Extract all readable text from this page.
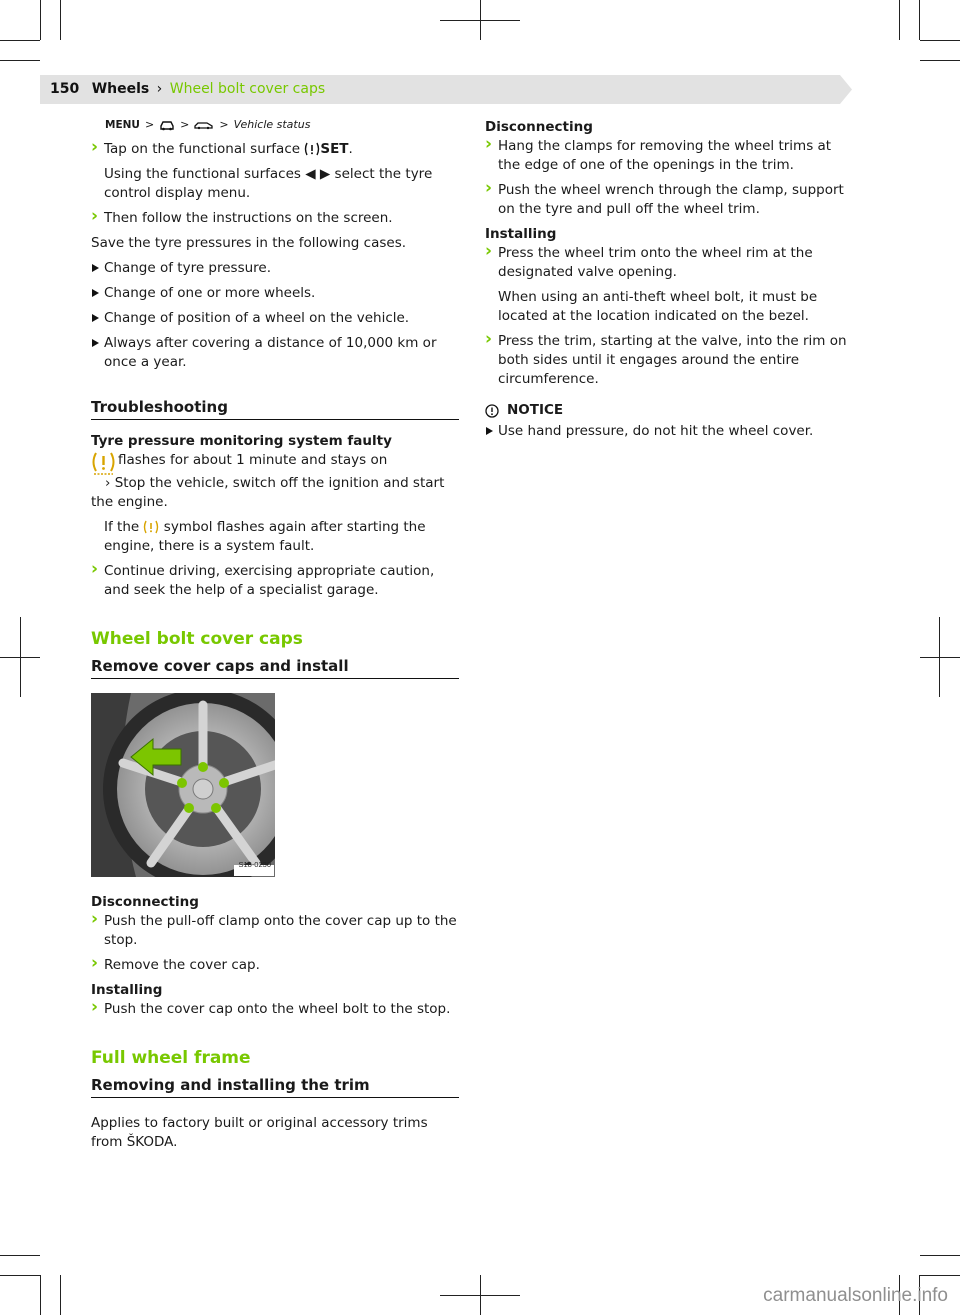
150 Wheels › Wheel bolt cover caps
MENU > >	> Vehicle status
› Tap on the functional surface SET.

Using the functional surfaces ◀ ▶ select the tyre control display menu.

› Then follow the instructions on the screen.

Save the tyre pressures in the following cases.

Change of tyre pressure.

Change of one or more wheels.

Change of position of a wheel on the vehicle.

Always after covering a distance of 10,000 km or once a year.

Troubleshooting

Tyre pressure monitoring system faulty

flashes for about 1 minute and stays on

› Stop the vehicle, switch off the ignition and start the engine.

If the symbol flashes again after starting the engine, there is a system fault.

› Continue driving, exercising appropriate caution, and seek the help of a specialist garage.

Wheel bolt cover caps
Remove cover caps and install
S18-0230

Disconnecting

› Push the pull-off clamp onto the cover cap up to the stop.

› Remove the cover cap.

Installing

› Push the cover cap onto the wheel bolt to the stop.

Full wheel frame
Removing and installing the trim

Applies to factory built or original accessory trims from ŠKODA.

Disconnecting

› Hang the clamps for removing the wheel trims at the edge of one of the openings in the trim.

› Push the wheel wrench through the clamp, support on the tyre and pull off the wheel trim.

Installing

› Press the wheel trim onto the wheel rim at the designated valve opening.

When using an anti-theft wheel bolt, it must be located at the location indicated on the bezel.

› Press the trim, starting at the valve, into the rim on both sides until it engages around the entire circumference.

NOTICE

Use hand pressure, do not hit the wheel cover.

carmanualsonline.info
